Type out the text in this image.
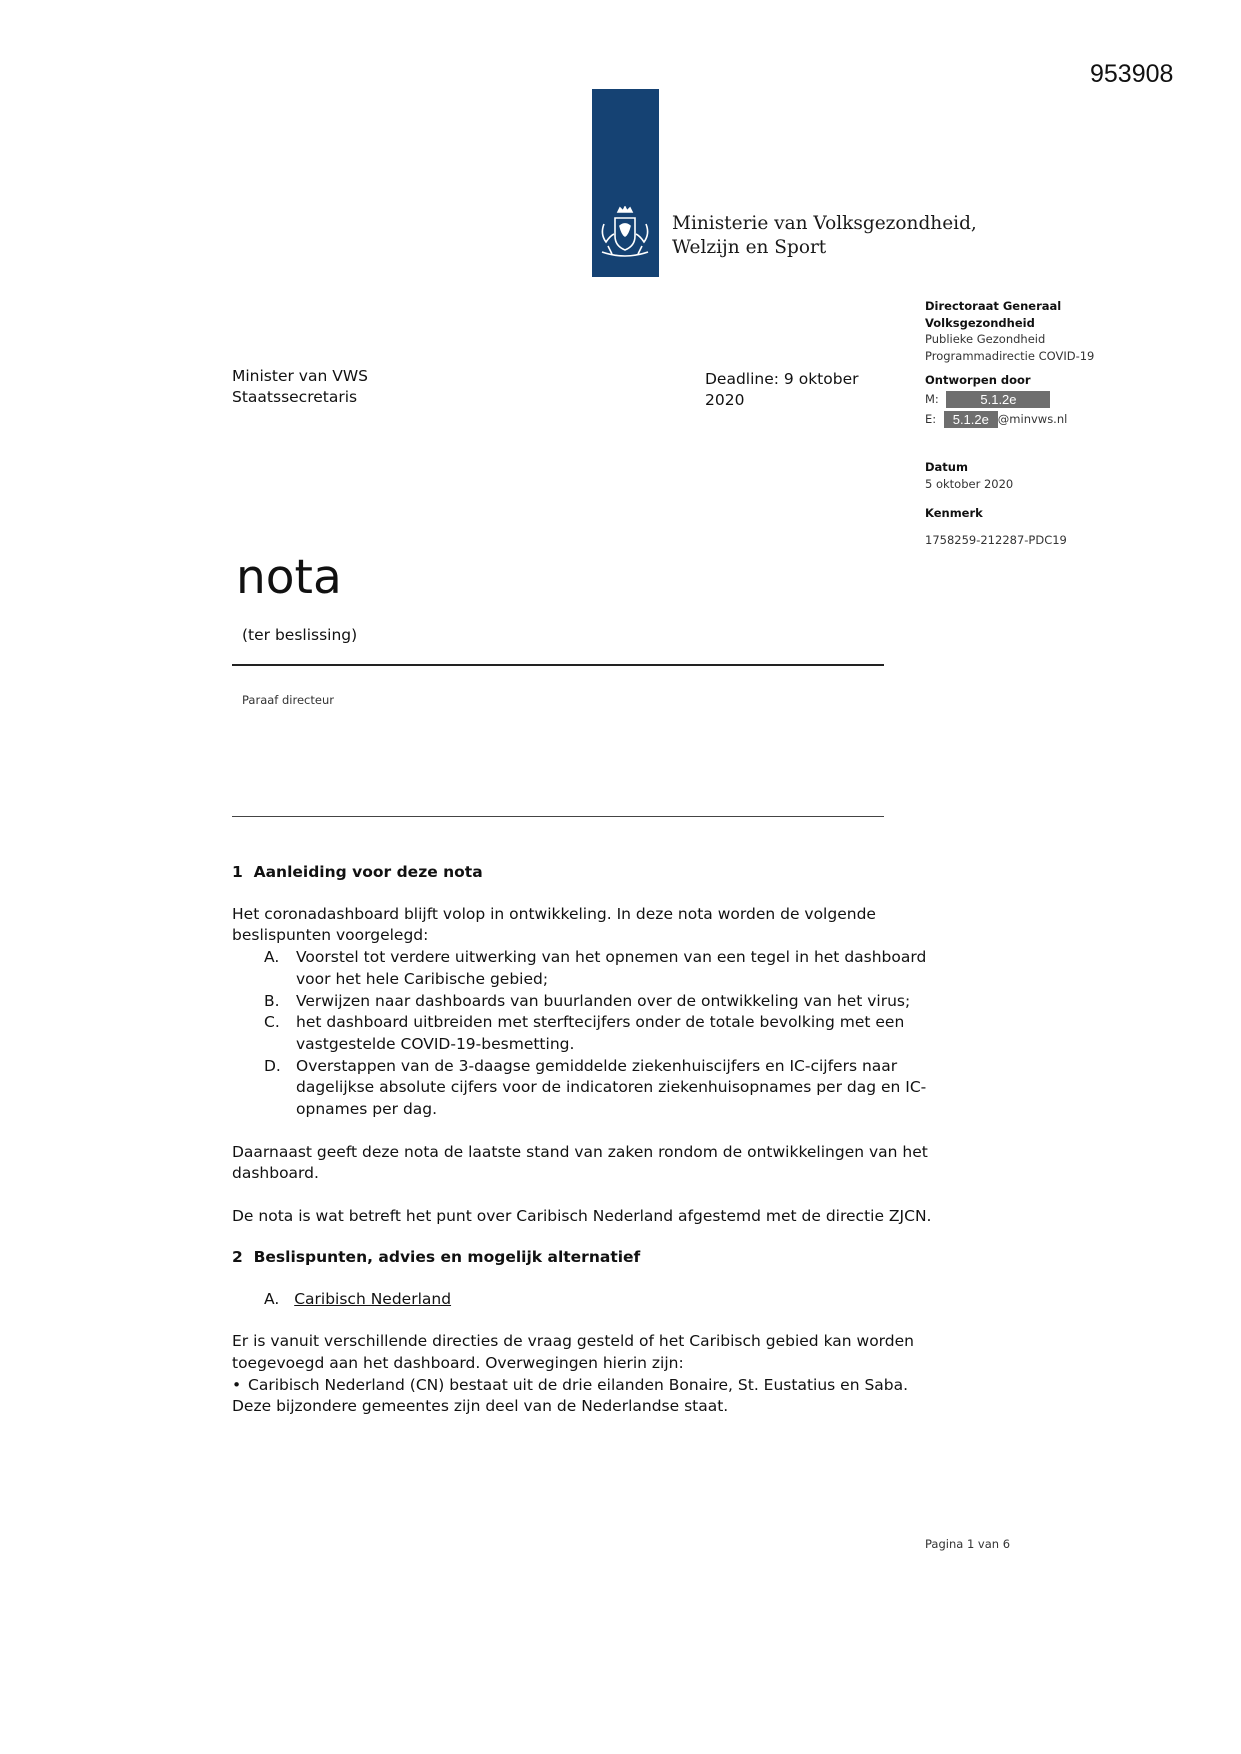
953908
Ministerie van Volksgezondheid,
Welzijn en Sport
Directoraat Generaal
Volksgezondheid
Publieke Gezondheid
Programmadirectie COVID-19
Ontworpen door
M:	5.1.2e
E: 5.1.2e @minvws.nl
Datum
5 oktober 2020
Kenmerk
1758259-212287-PDC19
Minister van VWS
Staatssecretaris
Deadline: 9 oktober
2020
nota
(ter beslissing)
Paraaf directeur

1  Aanleiding voor deze nota

Het coronadashboard blijft volop in ontwikkeling. In deze nota worden de volgende beslispunten voorgelegd:

A. Voorstel tot verdere uitwerking van het opnemen van een tegel in het dashboard voor het hele Caribische gebied;
B. Verwijzen naar dashboards van buurlanden over de ontwikkeling van het virus;
C. het dashboard uitbreiden met sterftecijfers onder de totale bevolking met een vastgestelde COVID-19-besmetting.
D. Overstappen van de 3-daagse gemiddelde ziekenhuiscijfers en IC-cijfers naar dagelijkse absolute cijfers voor de indicatoren ziekenhuisopnames per dag en IC-opnames per dag.

Daarnaast geeft deze nota de laatste stand van zaken rondom de ontwikkelingen van het dashboard.

De nota is wat betreft het punt over Caribisch Nederland afgestemd met de directie ZJCN.

2  Beslispunten, advies en mogelijk alternatief

A. Caribisch Nederland

Er is vanuit verschillende directies de vraag gesteld of het Caribisch gebied kan worden toegevoegd aan het dashboard. Overwegingen hierin zijn:

• Caribisch Nederland (CN) bestaat uit de drie eilanden Bonaire, St. Eustatius en Saba. Deze bijzondere gemeentes zijn deel van de Nederlandse staat.
Pagina 1 van 6
